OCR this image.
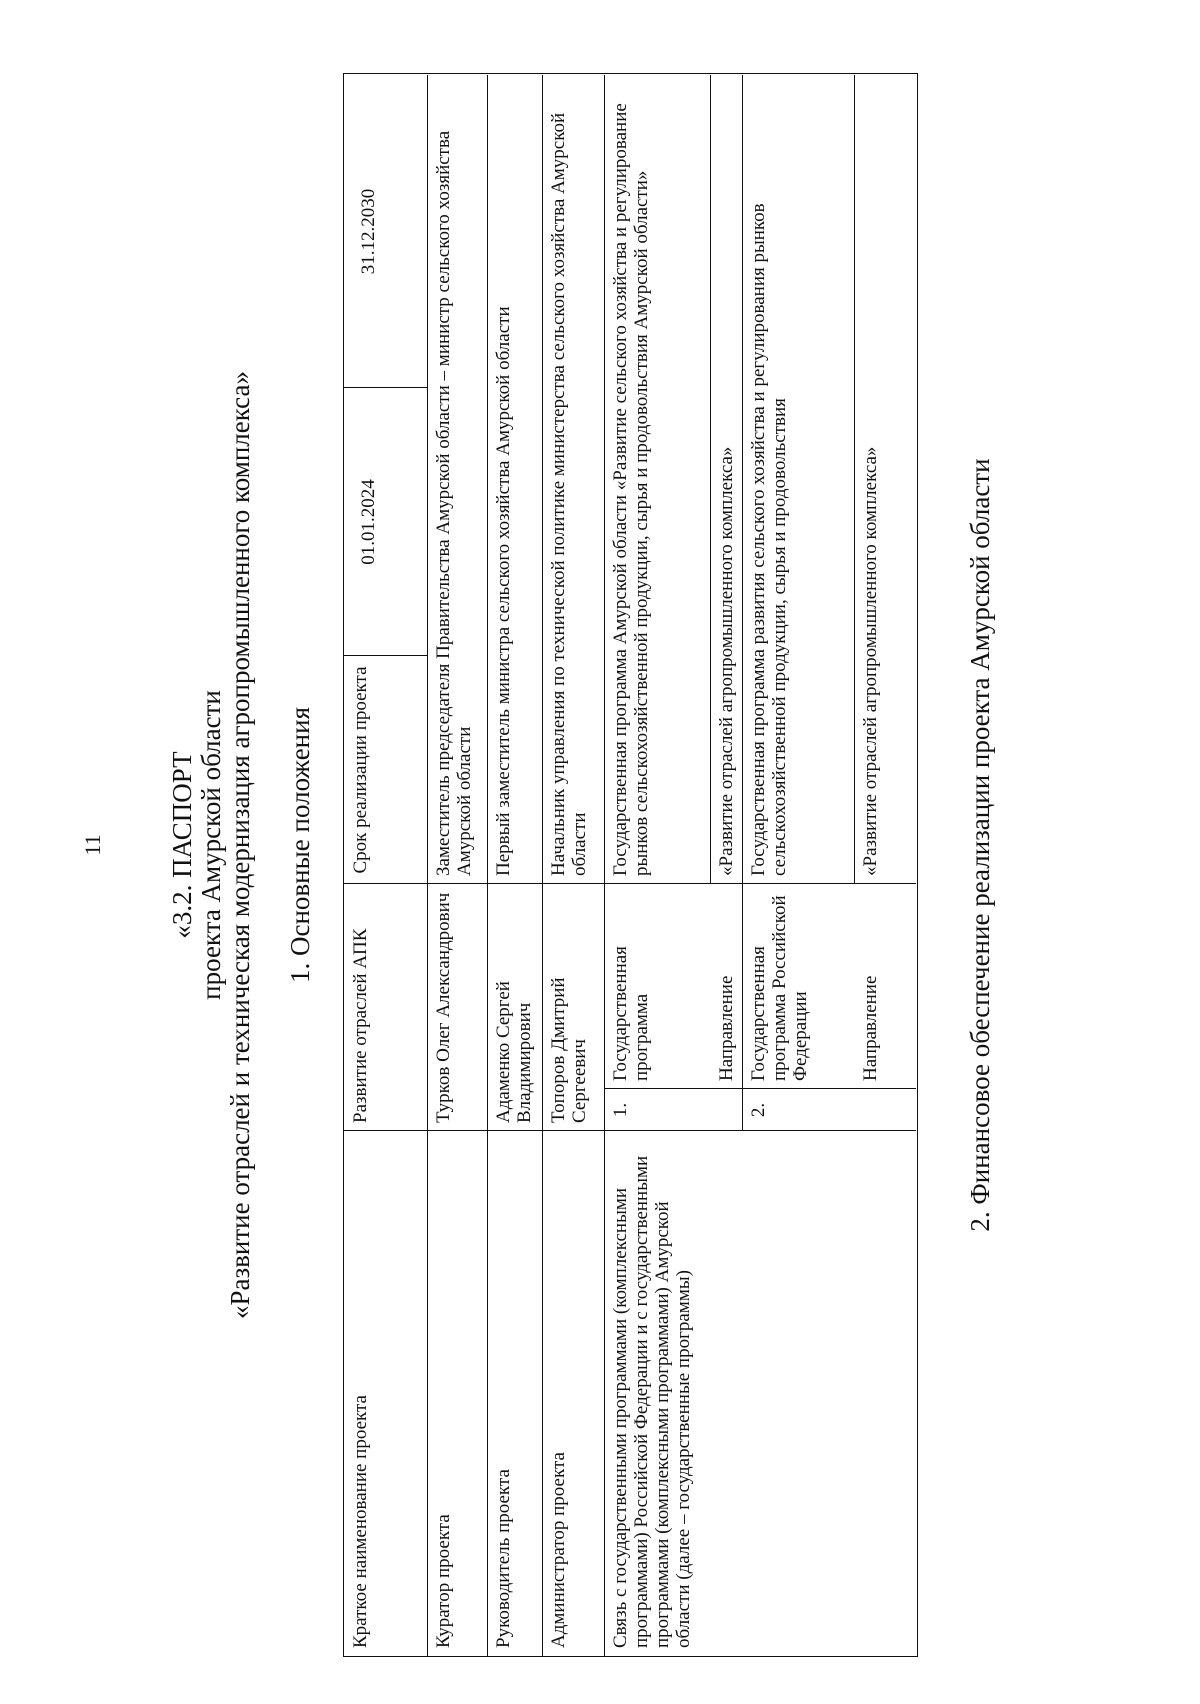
11 «3.2. ПАСПОРТ проекта Амурской области «Развитие отраслей и техническая модернизация агропромышленного комплекса» 1. Основные положения
Краткое наименование проекта
Развитие отраслей АПК
Срок реализации проекта
01.01.2024
31.12.2030
Куратор проекта
Турков Олег Александрович
Заместитель председателя Правительства Амурской области – министр сельского хозяйства Амурской области
Руководитель проекта
Адаменко Сергей Владимирович
Первый заместитель министра сельского хозяйства Амурской области
Администратор проекта
Топоров Дмитрий Сергеевич
Начальник управления по технической политике министерства сельского хозяйства Амурской области
Связь с государственными программами (комплексными программами) Российской Федерации и с государственными программами (комплексными программами) Амурской области (далее – государственные программы)
1.
Государственная программа
Государственная программа Амурской области «Развитие сельского хозяйства и регулирование рынков сельскохозяйственной продукции, сырья и продовольствия Амурской области»
Направление
«Развитие отраслей агропромышленного комплекса»
2.
Государственная программа Российской Федерации
Государственная программа развития сельского хозяйства и регулирования рынков сельскохозяйственной продукции, сырья и продовольствия
Направление
«Развитие отраслей агропромышленного комплекса»	2. Финансовое обеспечение реализации проекта Амурской области
